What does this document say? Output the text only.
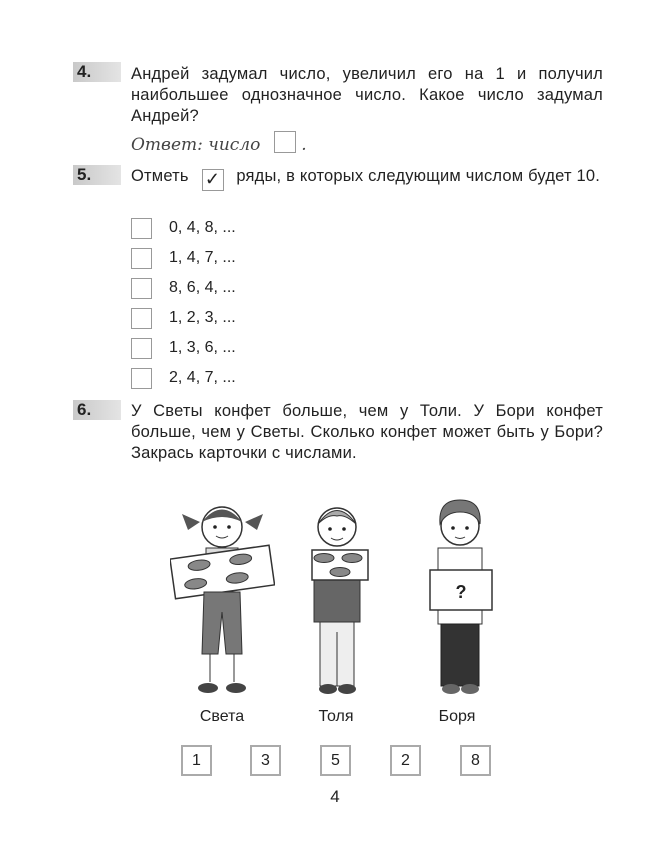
4.	Андрей задумал число, увеличил его на 1 и получил наибольшее однозначное число. Какое число задумал Андрей?
Ответ: число .
5.	Отметь ✓ ряды, в которых следующим числом будет 10.
0, 4, 8, ...
1, 4, 7, ...
8, 6, 4, ...
1, 2, 3, ...
1, 3, 6, ...
2, 4, 7, ...
6.	У Светы конфет больше, чем у Толи. У Бори конфет больше, чем у Светы. Сколько конфет может быть у Бори? Закрась карточки с числами.
?
Света	Толя	Боря
1	3	5	2	8
4
